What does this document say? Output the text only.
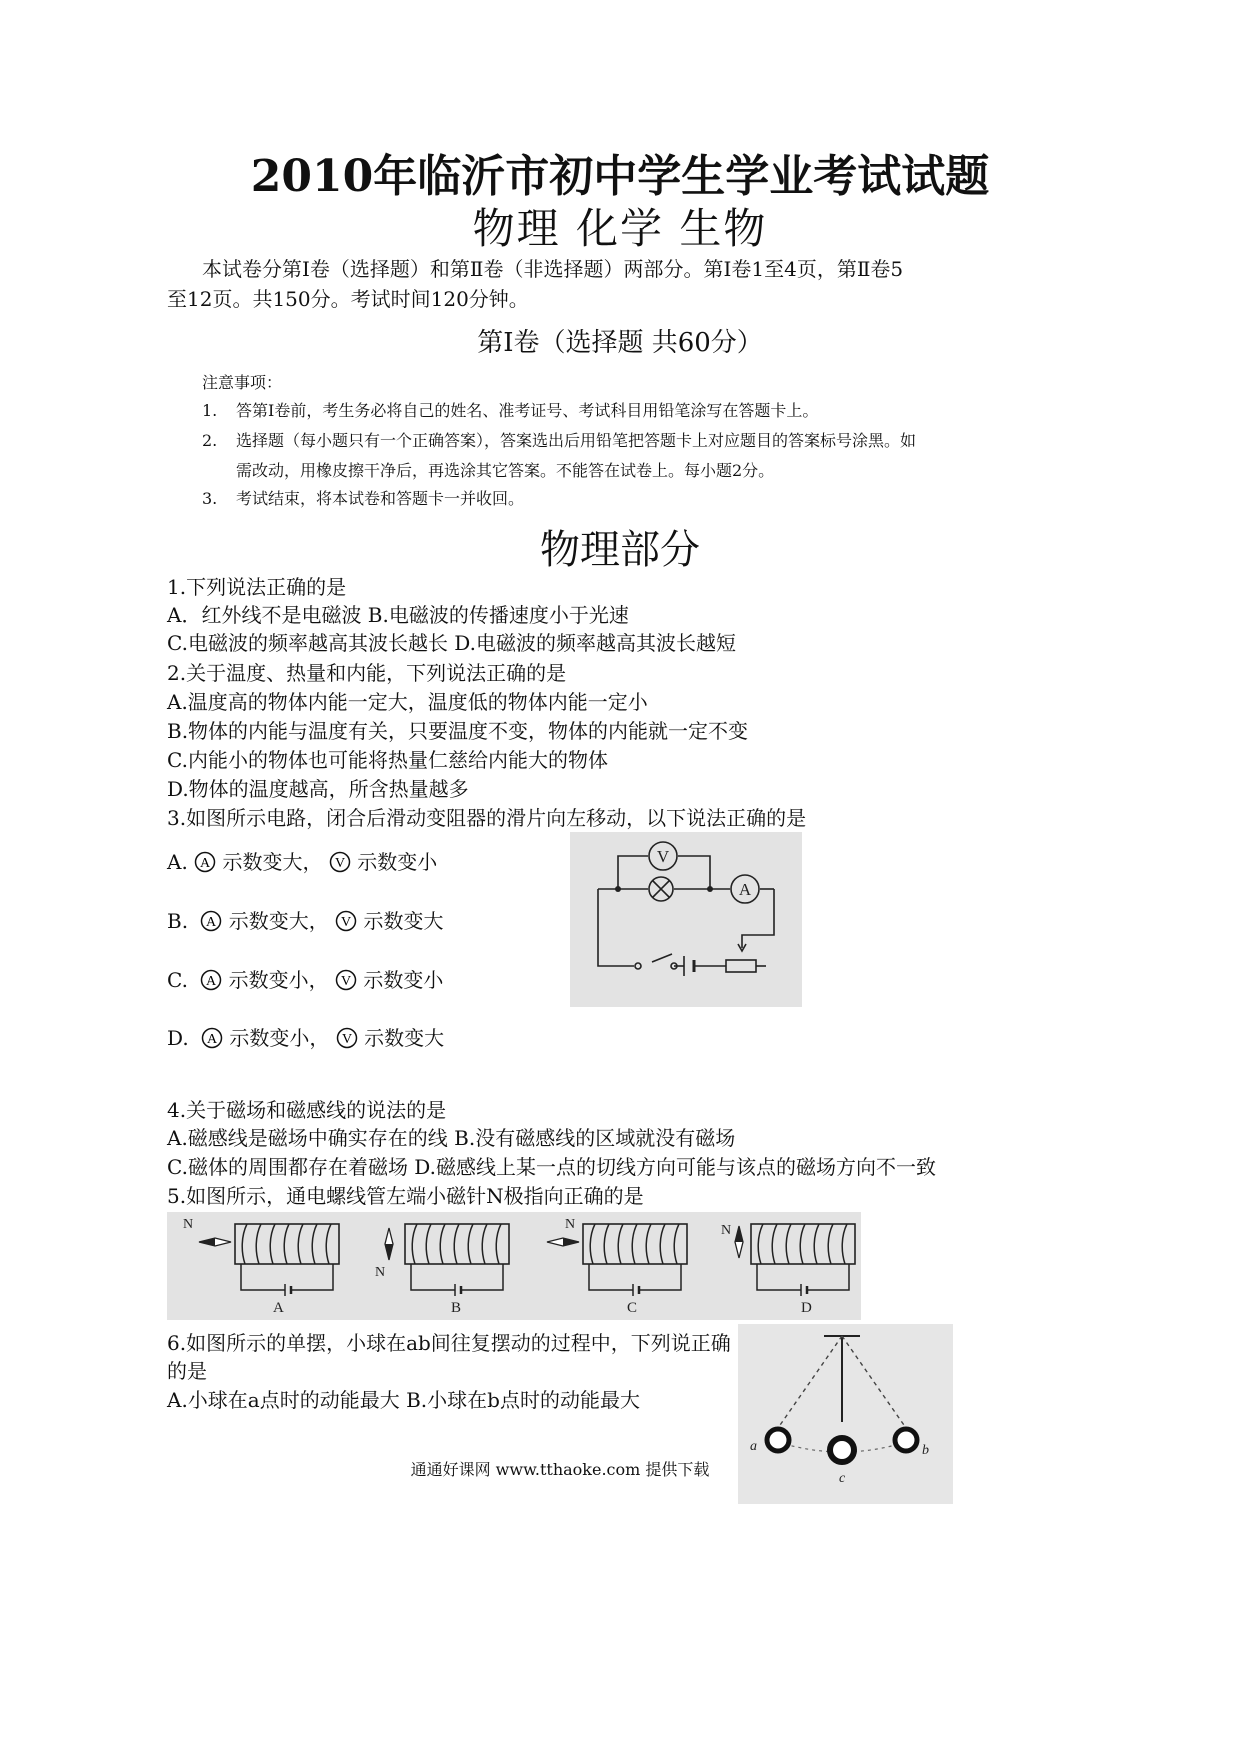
2010年临沂市初中学生学业考试试题
物理 化学 生物
本试卷分第Ⅰ卷（选择题）和第Ⅱ卷（非选择题）两部分。第Ⅰ卷1至4页，第Ⅱ卷5
至12页。共150分。考试时间120分钟。
第Ⅰ卷（选择题 共60分）
注意事项：
1. 答第Ⅰ卷前，考生务必将自己的姓名、准考证号、考试科目用铅笔涂写在答题卡上。
2. 选择题（每小题只有一个正确答案），答案选出后用铅笔把答题卡上对应题目的答案标号涂黑。如
需改动，用橡皮擦干净后，再选涂其它答案。不能答在试卷上。每小题2分。
3. 考试结束，将本试卷和答题卡一并收回。
物理部分
1.下列说法正确的是
A．红外线不是电磁波 B.电磁波的传播速度小于光速
C.电磁波的频率越高其波长越长 D.电磁波的频率越高其波长越短
2.关于温度、热量和内能，下列说法正确的是
A.温度高的物体内能一定大，温度低的物体内能一定小
B.物体的内能与温度有关，只要温度不变，物体的内能就一定不变
C.内能小的物体也可能将热量仁慈给内能大的物体
D.物体的温度越高，所含热量越多
3.如图所示电路，闭合后滑动变阻器的滑片向左移动，以下说法正确的是
A. A 示数变大， V 示数变小
B. A 示数变大， V 示数变大
C. A 示数变小， V 示数变小
D. A 示数变小， V 示数变大
V
A
4.关于磁场和磁感线的说法的是
A.磁感线是磁场中确实存在的线 B.没有磁感线的区域就没有磁场
C.磁体的周围都存在着磁场 D.磁感线上某一点的切线方向可能与该点的磁场方向不一致
5.如图所示，通电螺线管左端小磁针N极指向正确的是
N
A
N
B
N
C
N
D
6.如图所示的单摆，小球在ab间往复摆动的过程中，下列说正确
的是
A.小球在a点时的动能最大 B.小球在b点时的动能最大
a	b
c
通通好课网 www.tthaoke.com 提供下载
